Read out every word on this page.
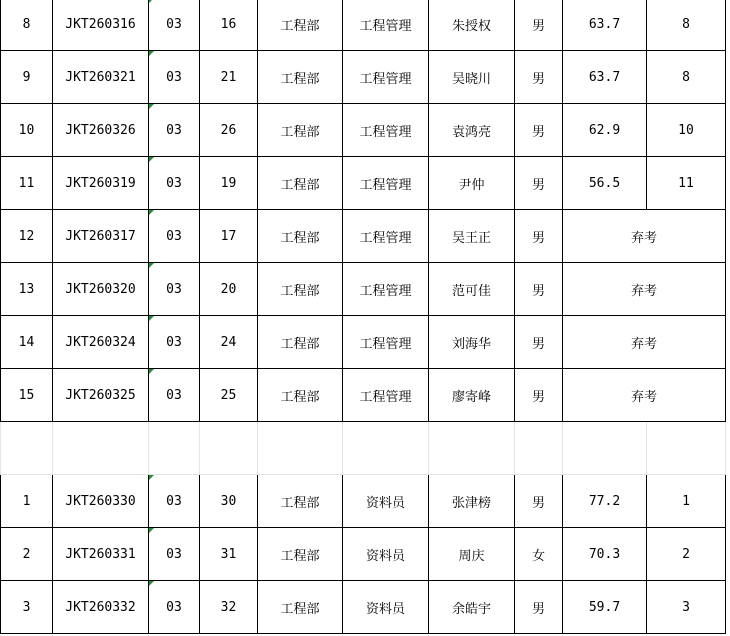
8	JKT260316	03	16	工程部	工程管理	朱授权	男	63.7	8
9	JKT260321	03	21	工程部	工程管理	吴晓川	男	63.7	8
10	JKT260326	03	26	工程部	工程管理	袁鸿亮	男	62.9	10
11	JKT260319	03	19	工程部	工程管理	尹仲	男	56.5	11
12	JKT260317	03	17	工程部	工程管理	吴王正	男	弃考	
13	JKT260320	03	20	工程部	工程管理	范可佳	男	弃考	
14	JKT260324	03	24	工程部	工程管理	刘海华	男	弃考	
15	JKT260325	03	25	工程部	工程管理	廖寄峰	男	弃考	

1	JKT260330	03	30	工程部	资料员	张津榜	男	77.2	1
2	JKT260331	03	31	工程部	资料员	周庆	女	70.3	2
3	JKT260332	03	32	工程部	资料员	余皓宇	男	59.7	3
